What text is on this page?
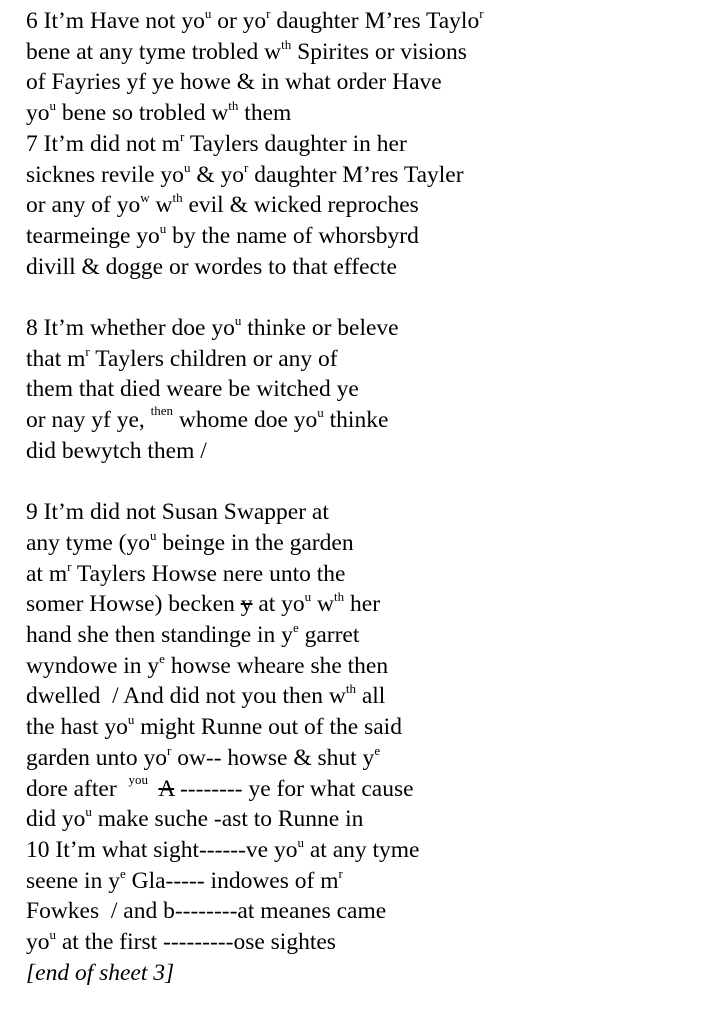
6 It’m Have not $yo^u$ or $yo^r$ daughter M’res Taylo$^r$
bene at any tyme trobled $w^{th}$ Spirites or visions
of Fayries yf ye howe & in what order Have
$yo^u$ bene so trobled $w^{th}$ them
7 It’m did not $m^r$ Taylers daughter in her
sicknes revile $yo^u$ & $yo^r$ daughter M’res Tayler
or any of $yo^w$ $w^{th}$ evil & wicked reproches
tearmeinge $yo^u$ by the name of whorsbyrd
divill & dogge or wordes to that effecte
8 It’m whether doe $yo^u$ thinke or beleve
that $m^r$ Taylers children or any of
them that died weare be witched ye
or nay yf ye, $^{then}$ whome doe $yo^u$ thinke
did bewytch them /
9 It’m did not Susan Swapper at
any tyme ($yo^u$ beinge in the garden
at $m^r$ Taylers Howse nere unto the
somer Howse) becken y at $yo^u$ $w^{th}$ her
hand she then standinge in $y^e$ garret
wyndowe in $y^e$ howse wheare she then
dwelled  / And did not you then $w^{th}$ all
the hast $yo^u$ might Runne out of the said
garden unto $yo^r$ ow-- howse & shut $y^e$
dore after  $^{you}$ A -------- ye for what cause
did $yo^u$ make suche -ast to Runne in
10 It’m what sight------ve $yo^u$ at any tyme
seene in $y^e$ Gla----- indowes of $m^r$
Fowkes  / and b--------at meanes came
$yo^u$ at the first ---------ose sightes
[end of sheet 3]
